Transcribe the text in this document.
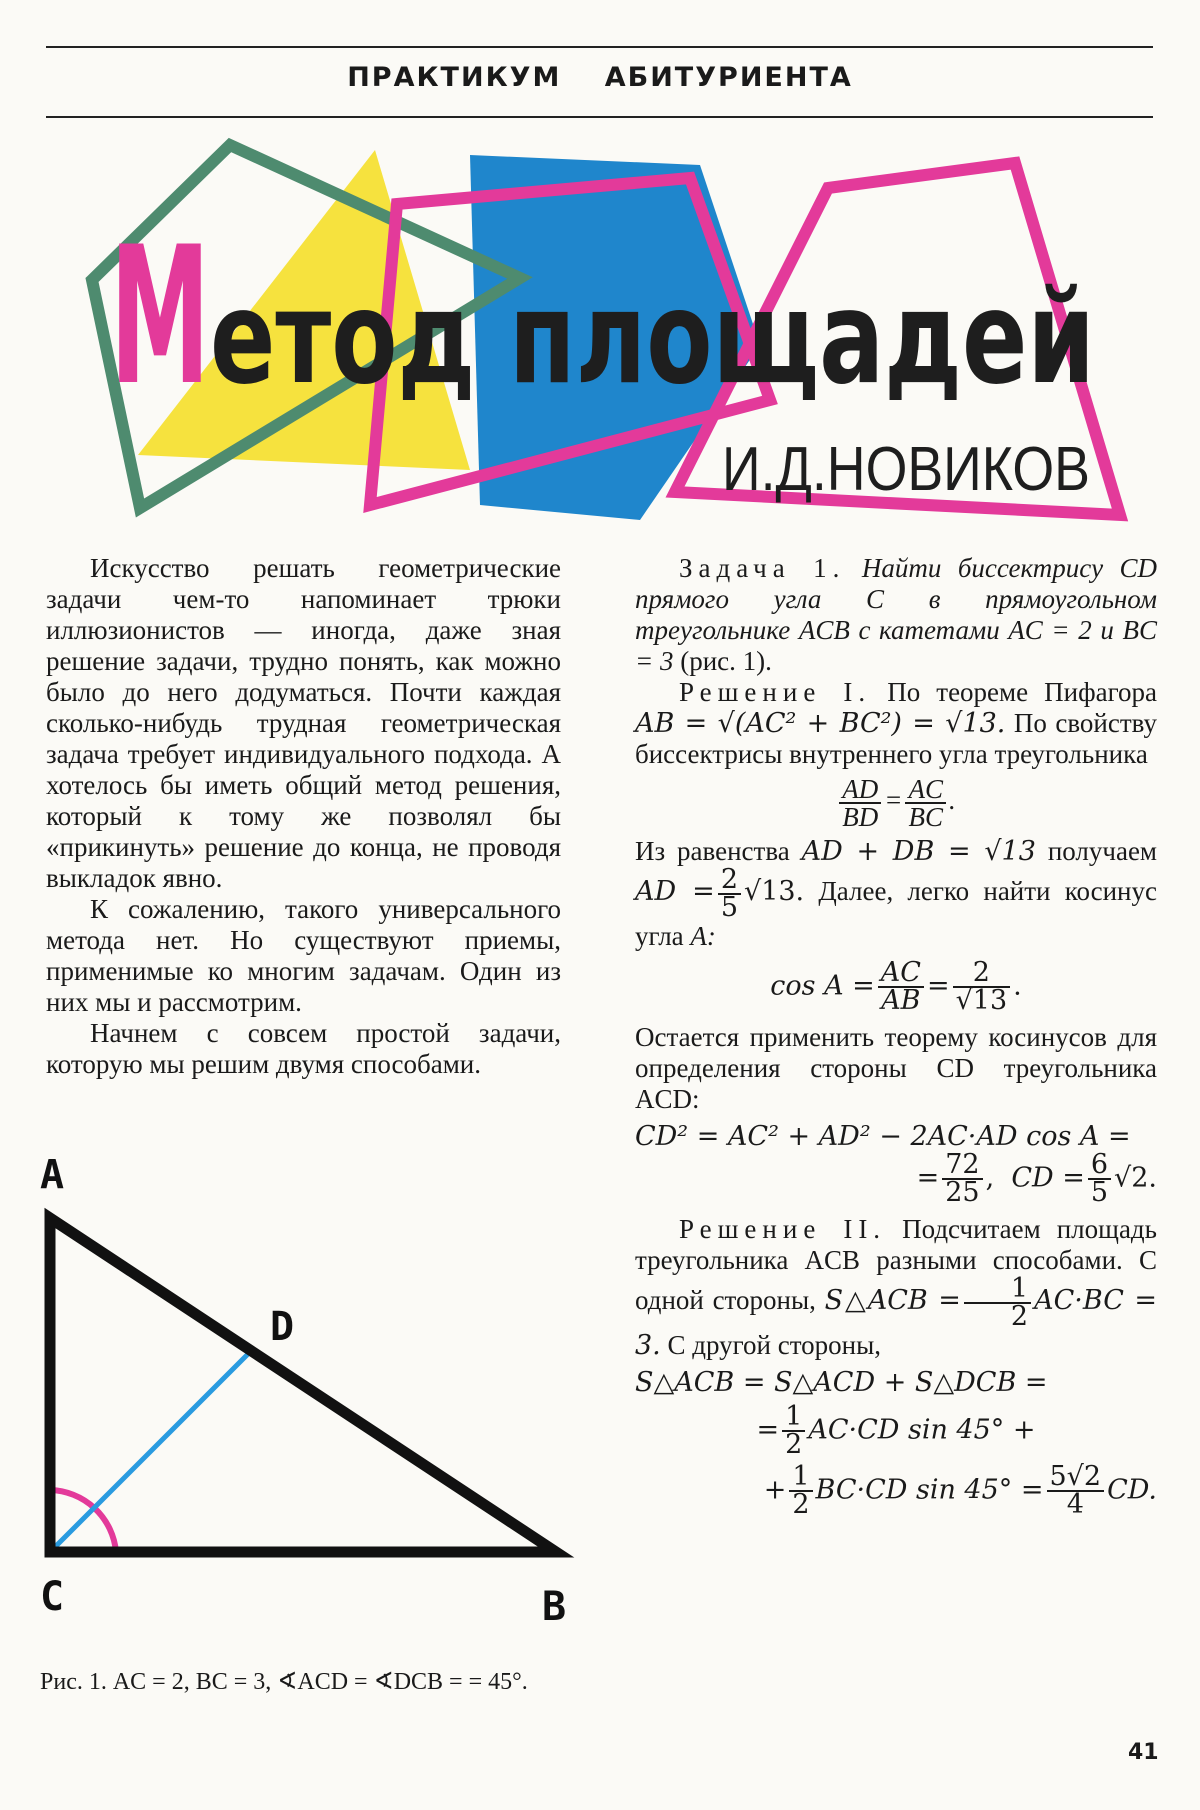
ПРАКТИКУМ АБИТУРИЕНТА
М етод площадей
И.Д.НОВИКОВ

Искусство решать геометрические задачи чем-то напоминает трюки иллюзионистов — иногда, даже зная решение задачи, трудно понять, как можно было до него додуматься. Почти каждая сколько-нибудь трудная геометрическая задача требует индивидуального подхода. А хотелось бы иметь общий метод решения, который к тому же позволял бы «прикинуть» решение до конца, не проводя выкладок явно.

К сожалению, такого универсального метода нет. Но существуют приемы, применимые ко многим задачам. Один из них мы и рассмотрим.

Начнем с совсем простой задачи, которую мы решим двумя способами.

A
D
C	B
Рис. 1. AC = 2, BC = 3, ∢ACD = ∢DCB = = 45°.

Задача 1. Найти биссектрису CD прямого угла C в прямоугольном треугольнике ACB с катетами AC = 2 и BC = 3 (рис. 1).

Решение I. По теореме Пифагора AB = √(AC² + BC²) = √13. По свойству биссектрисы внутреннего угла треугольника

$\frac{AD}{BD} = \frac{AC}{BC}$ .

Из равенства AD + DB = √13 получаем AD = $\frac{2}{5} √13$. Далее, легко найти косинус угла A:

$\cos A = \frac{AC}{AB} = \frac{2}{√13}$ .

Остается применить теорему косинусов для определения стороны CD треугольника ACD:

CD² = AC² + AD² − 2AC·AD cos A =

= $\frac{72}{25}$ ,  CD = $\frac{6}{5} √2$.

Решение II. Подсчитаем площадь треугольника ACB разными способами. С одной стороны, S△ACB = $\frac{1}{2} AC\cdot BC = 3$. С другой стороны,

S△ACB = S△ACD + S△DCB =

= $\frac{1}{2} AC\cdot CD$ sin 45° +

+ $\frac{1}{2} BC\cdot CD$ $\sin 45^\circ = \frac{5√2}{4}$ CD.

41
